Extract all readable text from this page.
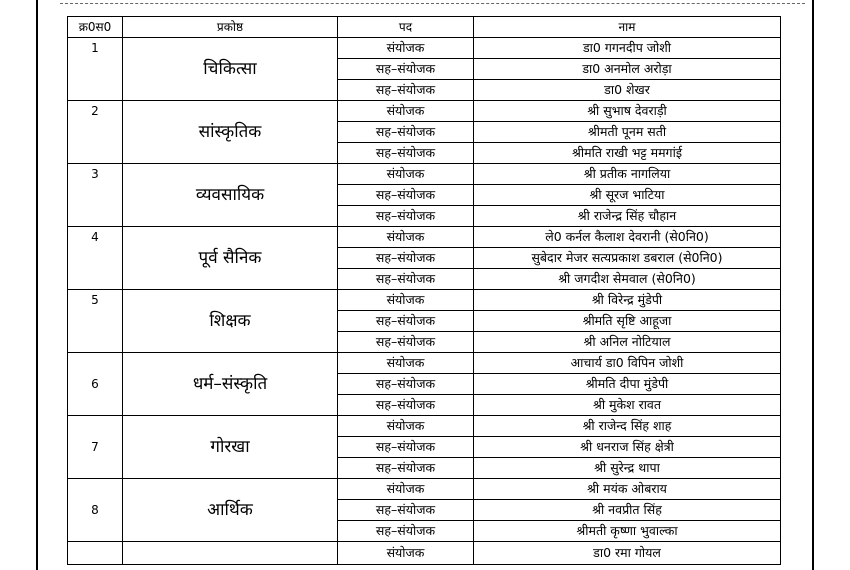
क्र0स0	प्रकोष्ठ	पद	नाम
1	चिकित्सा	संयोजक	डा0 गगनदीप जोशी
		सह–संयोजक	डा0 अनमोल अरोड़ा
		सह–संयोजक	डा0 शेखर
2	सांस्कृतिक	संयोजक	श्री सुभाष देवराड़ी
		सह–संयोजक	श्रीमती पूनम सती
		सह–संयोजक	श्रीमति राखी भट्ट ममगांई
3	व्यवसायिक	संयोजक	श्री प्रतीक नागलिया
		सह–संयोजक	श्री सूरज भाटिया
		सह–संयोजक	श्री राजेन्द्र सिंह चौहान
4	पूर्व सैनिक	संयोजक	ले0 कर्नल कैलाश देवरानी (से0नि0)
		सह–संयोजक	सुबेदार मेजर सत्यप्रकाश डबराल (से0नि0)
		सह–संयोजक	श्री जगदीश सेमवाल (से0नि0)
5	शिक्षक	संयोजक	श्री विरेन्द्र मुंडेपी
		सह–संयोजक	श्रीमति सृष्टि आहूजा
		सह–संयोजक	श्री अनिल नोटियाल
6	धर्म–संस्कृति	संयोजक	आचार्य डा0 विपिन जोशी
		सह–संयोजक	श्रीमति दीपा मुंडेपी
		सह–संयोजक	श्री मुकेश रावत
7	गोरखा	संयोजक	श्री राजेन्द सिंह शाह
		सह–संयोजक	श्री धनराज सिंह क्षेत्री
		सह–संयोजक	श्री सुरेन्द्र थापा
8	आर्थिक	संयोजक	श्री मयंक ओबराय
		सह–संयोजक	श्री नवप्रीत सिंह
		सह–संयोजक	श्रीमती कृष्णा भुवाल्का
		संयोजक	डा0 रमा गोयल
